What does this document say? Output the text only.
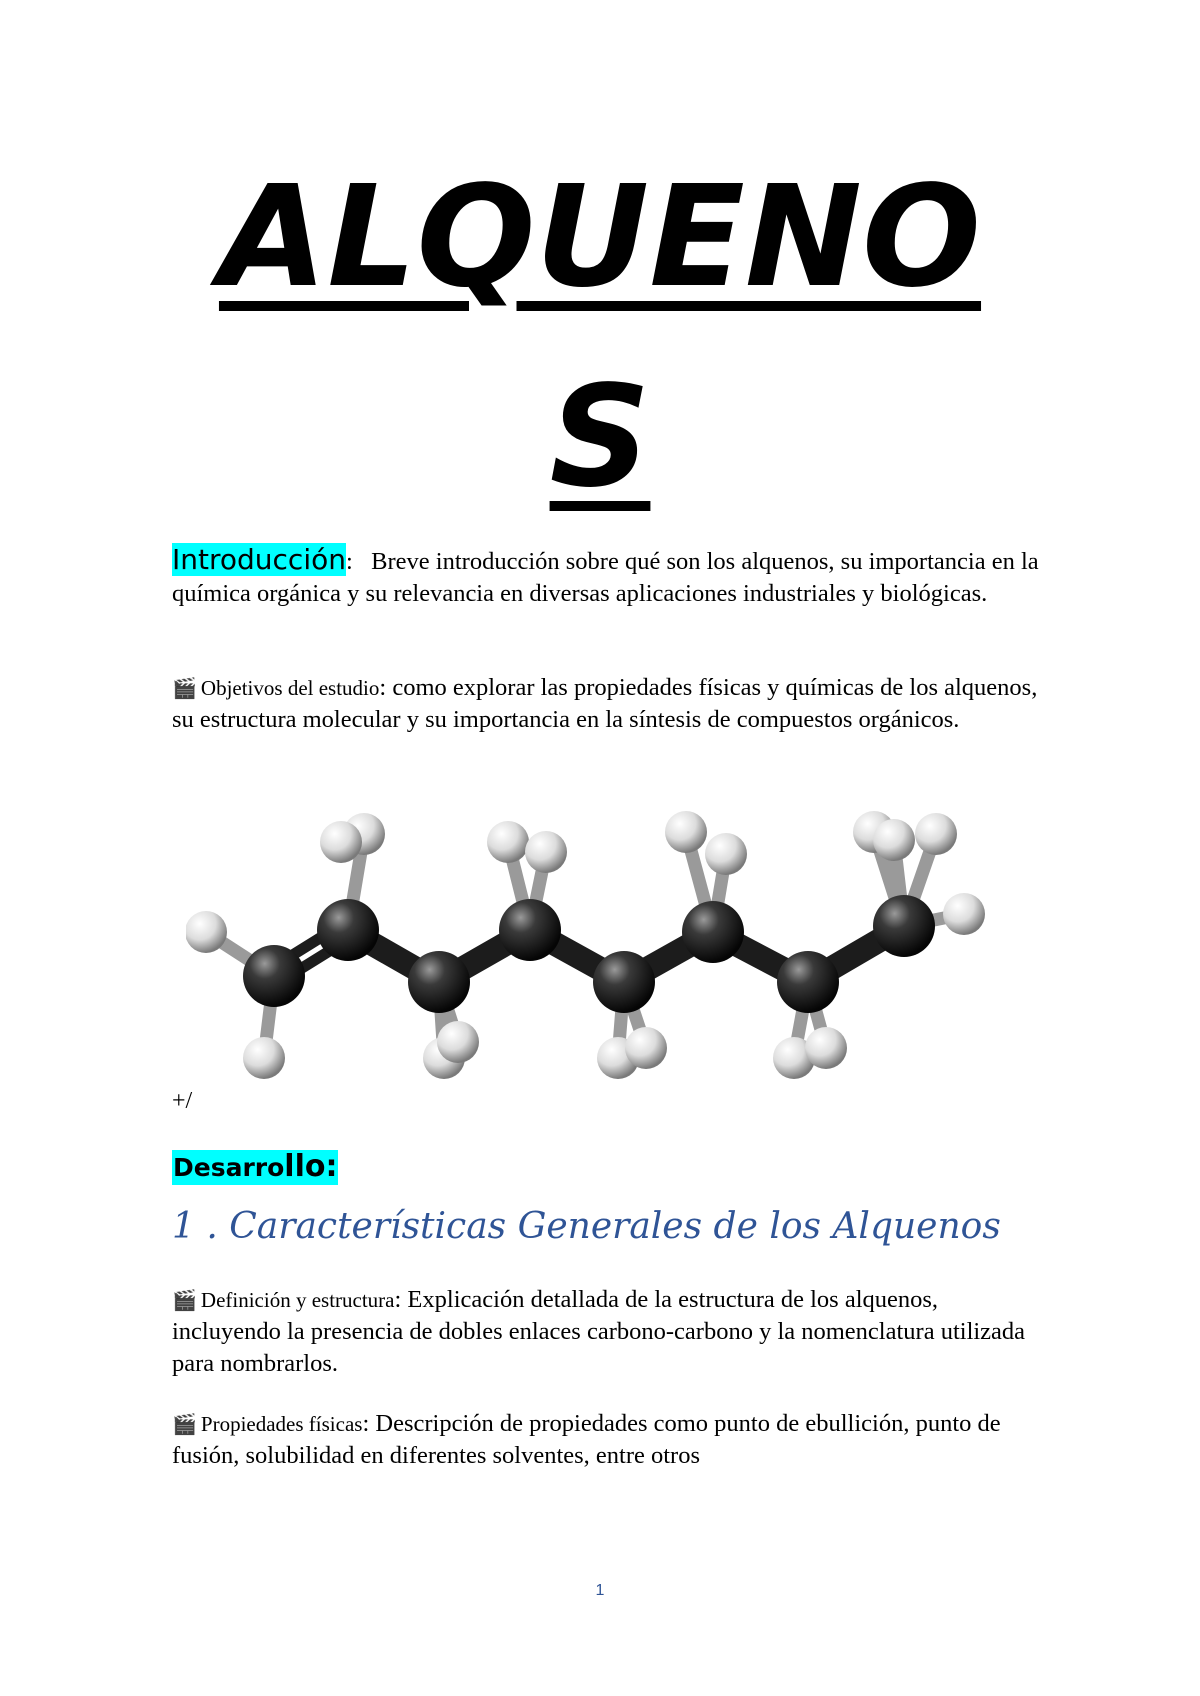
ALQUENO
S
Introducción: Breve introducción sobre qué son los alquenos, su importancia en la química orgánica y su relevancia en diversas aplicaciones industriales y biológicas.
🎬 Objetivos del estudio: como explorar las propiedades físicas y químicas de los alquenos, su estructura molecular y su importancia en la síntesis de compuestos orgánicos.
+/
Desarrollo:
1 . Características Generales de los Alquenos
🎬 Definición y estructura: Explicación detallada de la estructura de los alquenos, incluyendo la presencia de dobles enlaces carbono-carbono y la nomenclatura utilizada para nombrarlos.
🎬 Propiedades físicas: Descripción de propiedades como punto de ebullición, punto de fusión, solubilidad en diferentes solventes, entre otros
1
